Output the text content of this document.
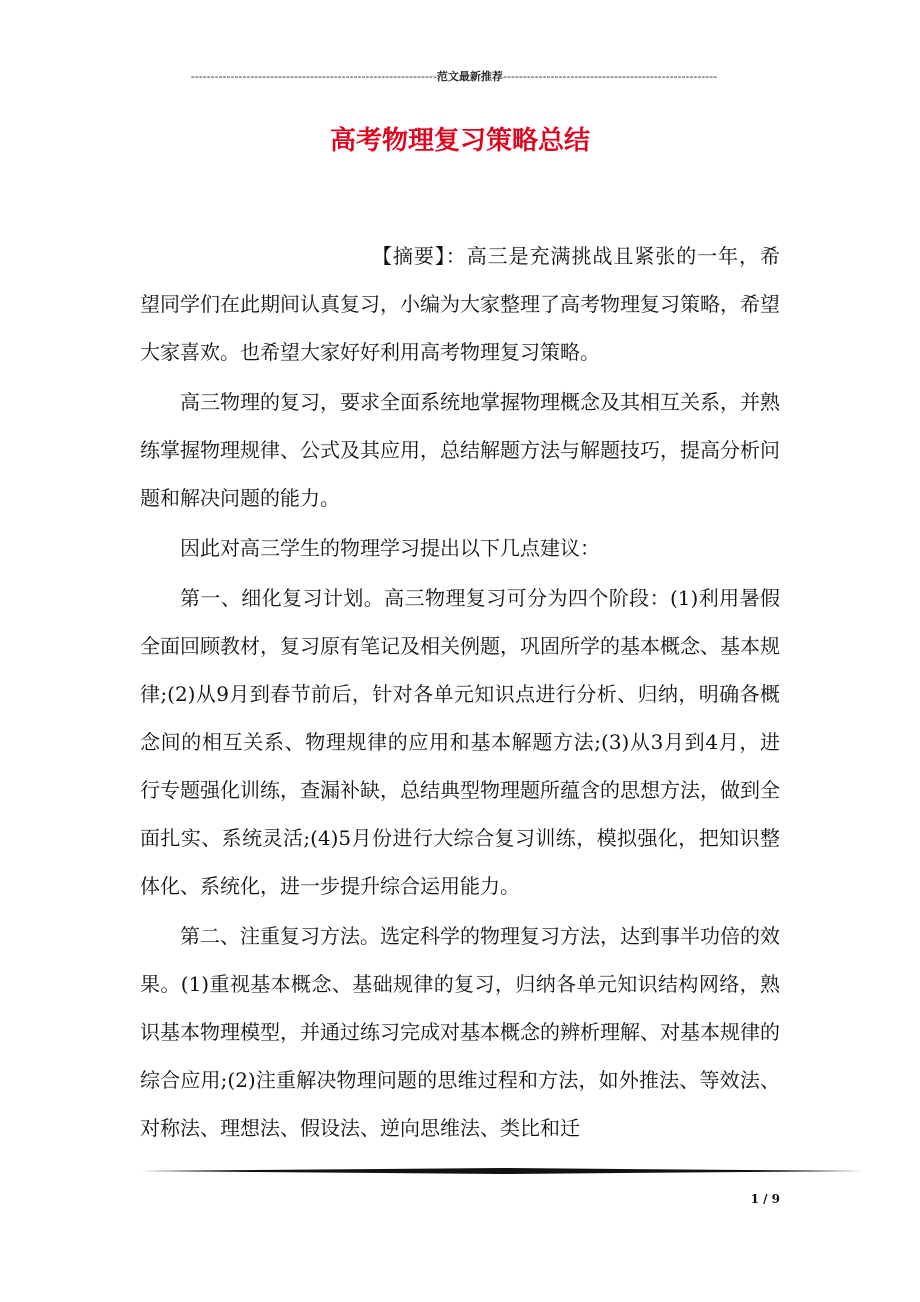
--------------------------------------------------------------范文最新推荐------------------------------------------------------
高考物理复习策略总结

【摘要】：高三是充满挑战且紧张的一年，希望同学们在此期间认真复习，小编为大家整理了高考物理复习策略，希望大家喜欢。也希望大家好好利用高考物理复习策略。

高三物理的复习，要求全面系统地掌握物理概念及其相互关系，并熟练掌握物理规律、公式及其应用，总结解题方法与解题技巧，提高分析问题和解决问题的能力。

因此对高三学生的物理学习提出以下几点建议：

第一、细化复习计划。高三物理复习可分为四个阶段：(1)利用暑假全面回顾教材，复习原有笔记及相关例题，巩固所学的基本概念、基本规律;(2)从9月到春节前后，针对各单元知识点进行分析、归纳，明确各概念间的相互关系、物理规律的应用和基本解题方法;(3)从3月到4月，进行专题强化训练，查漏补缺，总结典型物理题所蕴含的思想方法，做到全面扎实、系统灵活;(4)5月份进行大综合复习训练，模拟强化，把知识整体化、系统化，进一步提升综合运用能力。

第二、注重复习方法。选定科学的物理复习方法，达到事半功倍的效果。(1)重视基本概念、基础规律的复习，归纳各单元知识结构网络，熟识基本物理模型，并通过练习完成对基本概念的辨析理解、对基本规律的综合应用;(2)注重解决物理问题的思维过程和方法，如外推法、等效法、对称法、理想法、假设法、逆向思维法、类比和迁

1 / 9
